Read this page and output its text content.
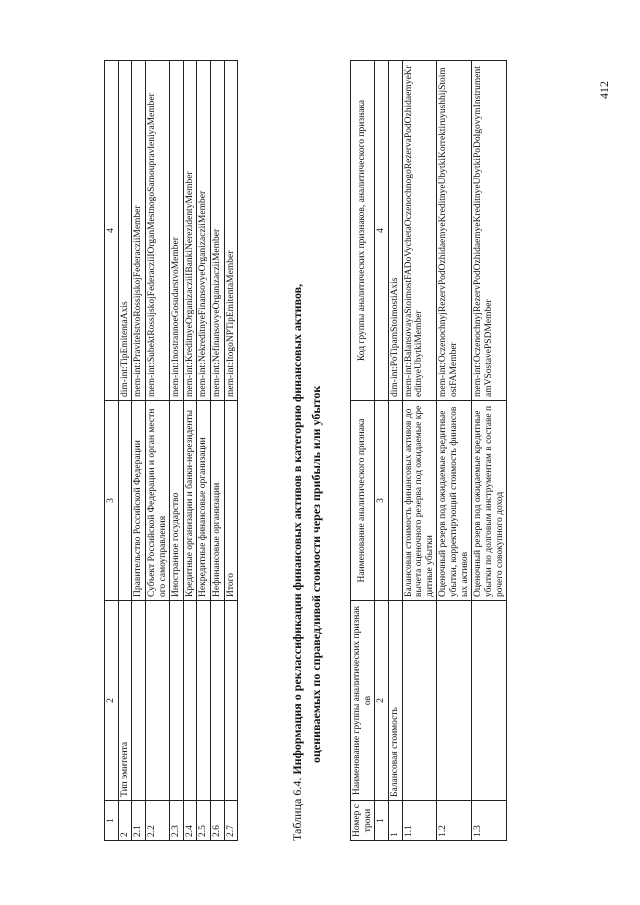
1	2	3	4
2	Тип эмитента		dim-int:TipEmitentaAxis
2.1		Правительство Российской Федерации	mem-int:PravitelstvoRossijskojFederacziiMember
2.2		Субъект Российской Федерации и орган местного самоуправления	mem-int:SubektRossijskojFederacziiIOrganMestnogoSamoupravleniyaMember
2.3		Иностранное государство	mem-int:InostrannoeGosudarstvoMember
2.4		Кредитные организации и банки-нерезиденты	mem-int:KreditnyeOrganizacziiIBankiNerezidentyMember
2.5		Некредитные финансовые организации	mem-int:NekreditnyeFinansovyeOrganizacziiMember
2.6		Нефинансовые организации	mem-int:NefinansovyeOrganizacziiMember
2.7		Итого	mem-int:ItogoNPTipEmitentaMember
Таблица 6.4. Информация о реклассификации финансовых активов в категорию финансовых активов, оцениваемых по справедливой стоимости через прибыль или убыток
Номер строки	Наименование группы аналитических признаков	Наименование аналитического признака	Код группы аналитических признаков, аналитического признака
1	2	3	4
1	Балансовая стоимость		dim-int:PoTipamStoimostiAxis
1.1		Балансовая стоимость финансовых активов до вычета оценочного резерва под ожидаемые кредитные убытки	mem-int:BalansovayaStoimostFADoVychetaOczenochnogoRezervaPodOzhidaemyeKreditnyeUbytkiMember
1.2		Оценочный резерв под ожидаемые кредитные убытки, корректирующий стоимость финансовых активов	mem-int:OczenochnyjRezervPodOzhidaemyeKreditnyeUbytkiKorrektiruyushhijStoimostFAMember
1.3		Оценочный резерв под ожидаемые кредитные убытки по долговым инструментам в составе прочего совокупного доход	mem-int:OczenochnyjRezervPodOzhidaemyeKreditnyeUbytkiPoDolgovymInstrumentamVSostavePSDMember
412
